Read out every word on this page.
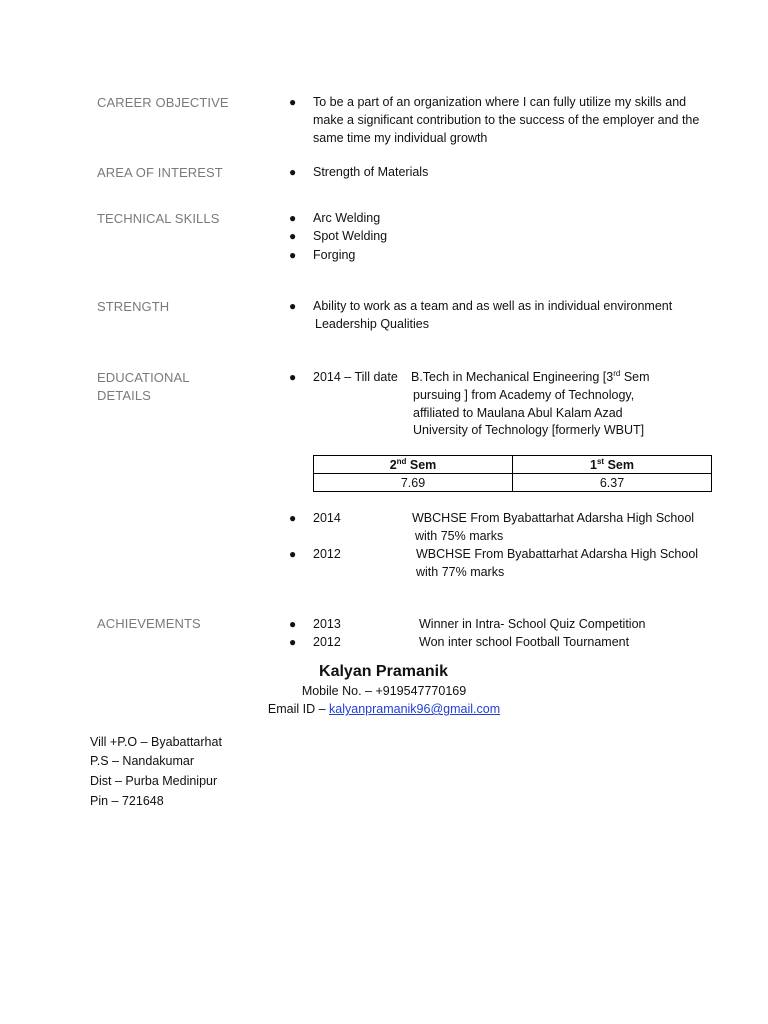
CAREER OBJECTIVE	● To be a part of an organization where I can fully utilize my skills and
make a significant contribution to the success of the employer and the
same time my individual growth
AREA OF INTEREST	● Strength of Materials
TECHNICAL SKILLS	● Arc Welding
● Spot Welding
● Forging
STRENGTH	● Ability to work as a team and as well as in individual environment
Leadership Qualities
EDUCATIONAL
DETAILS
● 2014 – Till date B.Tech in Mechanical Engineering [3rd Sem
pursuing ] from Academy of Technology,
affiliated to Maulana Abul Kalam Azad
University of Technology [formerly WBUT]
2nd Sem	1st Sem
7.69	6.37
● 2014	WBCHSE From Byabattarhat Adarsha High School
with 75% marks
● 2012	WBCHSE From Byabattarhat Adarsha High School
with 77% marks
ACHIEVEMENTS	● 2013	Winner in Intra- School Quiz Competition
● 2012	Won inter school Football Tournament
Kalyan Pramanik
Mobile No. – +919547770169
Email ID – kalyanpramanik96@gmail.com
Vill +P.O – Byabattarhat
P.S – Nandakumar
Dist – Purba Medinipur
Pin – 721648
